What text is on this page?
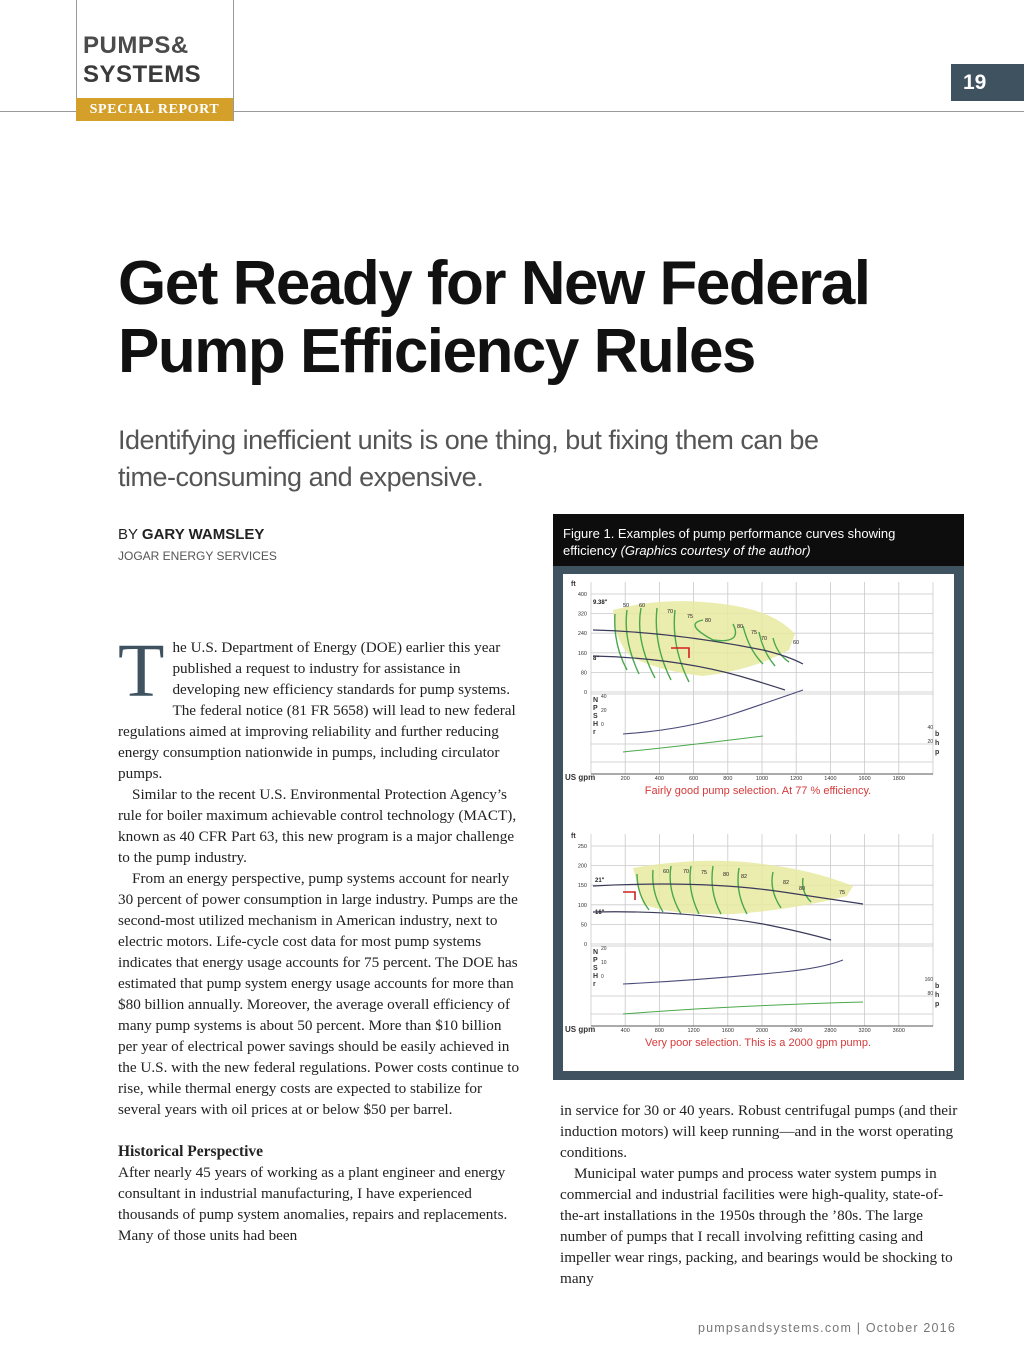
PUMPS&
SYSTEMS
SPECIAL REPORT
19
Get Ready for New Federal Pump Efficiency Rules
Identifying inefficient units is one thing, but fixing them can be time-consuming and expensive.
BY GARY WAMSLEY
JOGAR ENERGY SERVICES

The U.S. Department of Energy (DOE) earlier this year published a request to industry for assistance in developing new efficiency standards for pump systems. The federal notice (81 FR 5658) will lead to new federal regulations aimed at improving reliability and further reducing energy consumption nationwide in pumps, including circulator pumps.

Similar to the recent U.S. Environmental Protection Agency’s rule for boiler maximum achievable control technology (MACT), known as 40 CFR Part 63, this new program is a major challenge to the pump industry.

From an energy perspective, pump systems account for nearly 30 percent of power consumption in large industry. Pumps are the second-most utilized mechanism in American industry, next to electric motors. Life-cycle cost data for most pump systems indicates that energy usage accounts for 75 percent. The DOE has estimated that pump system energy usage accounts for more than $80 billion annually. Moreover, the average overall efficiency of many pump systems is about 50 percent. More than $10 billion per year of electrical power savings should be easily achieved in the U.S. with the new federal regulations. Power costs continue to rise, while thermal energy costs are expected to stabilize for several years with oil prices at or below $50 per barrel.

Historical Perspective

After nearly 45 years of working as a plant engineer and energy consultant in industrial manufacturing, I have experienced thousands of pump system anomalies, repairs and replacements. Many of those units had been

in service for 30 or 40 years. Robust centrifugal pumps (and their induction motors) will keep running—and in the worst operating conditions.

Municipal water pumps and process water system pumps in commercial and industrial facilities were high-quality, state-of-the-art installations in the 1950s through the ’80s. The large number of pumps that I recall involving refitting casing and impeller wear rings, packing, and bearings would be shocking to many

Figure 1. Examples of pump performance curves showing
efficiency (Graphics courtesy of the author)
400
320
240
160
80
0
ft
US gpm	200	400	600	800	1000	1200	1400	1600	1800
N
P
S
H
r
40
20
0
b
h
p
40
20
9.38"
8"
50 60
70
75
80
80
75
70
60
Fairly good pump selection. At 77 % efficiency.
250
200
150
100
50
0
ft
US gpm	400	800	1200	1600	2000	2400	2800	3200	3600
N
P
S
H
r
20
10
0
b
h
p
160
80
21"
16"
60	70 75	80 82
82
80
75
Very poor selection. This is a 2000 gpm pump.
pumpsandsystems.com | October 2016
